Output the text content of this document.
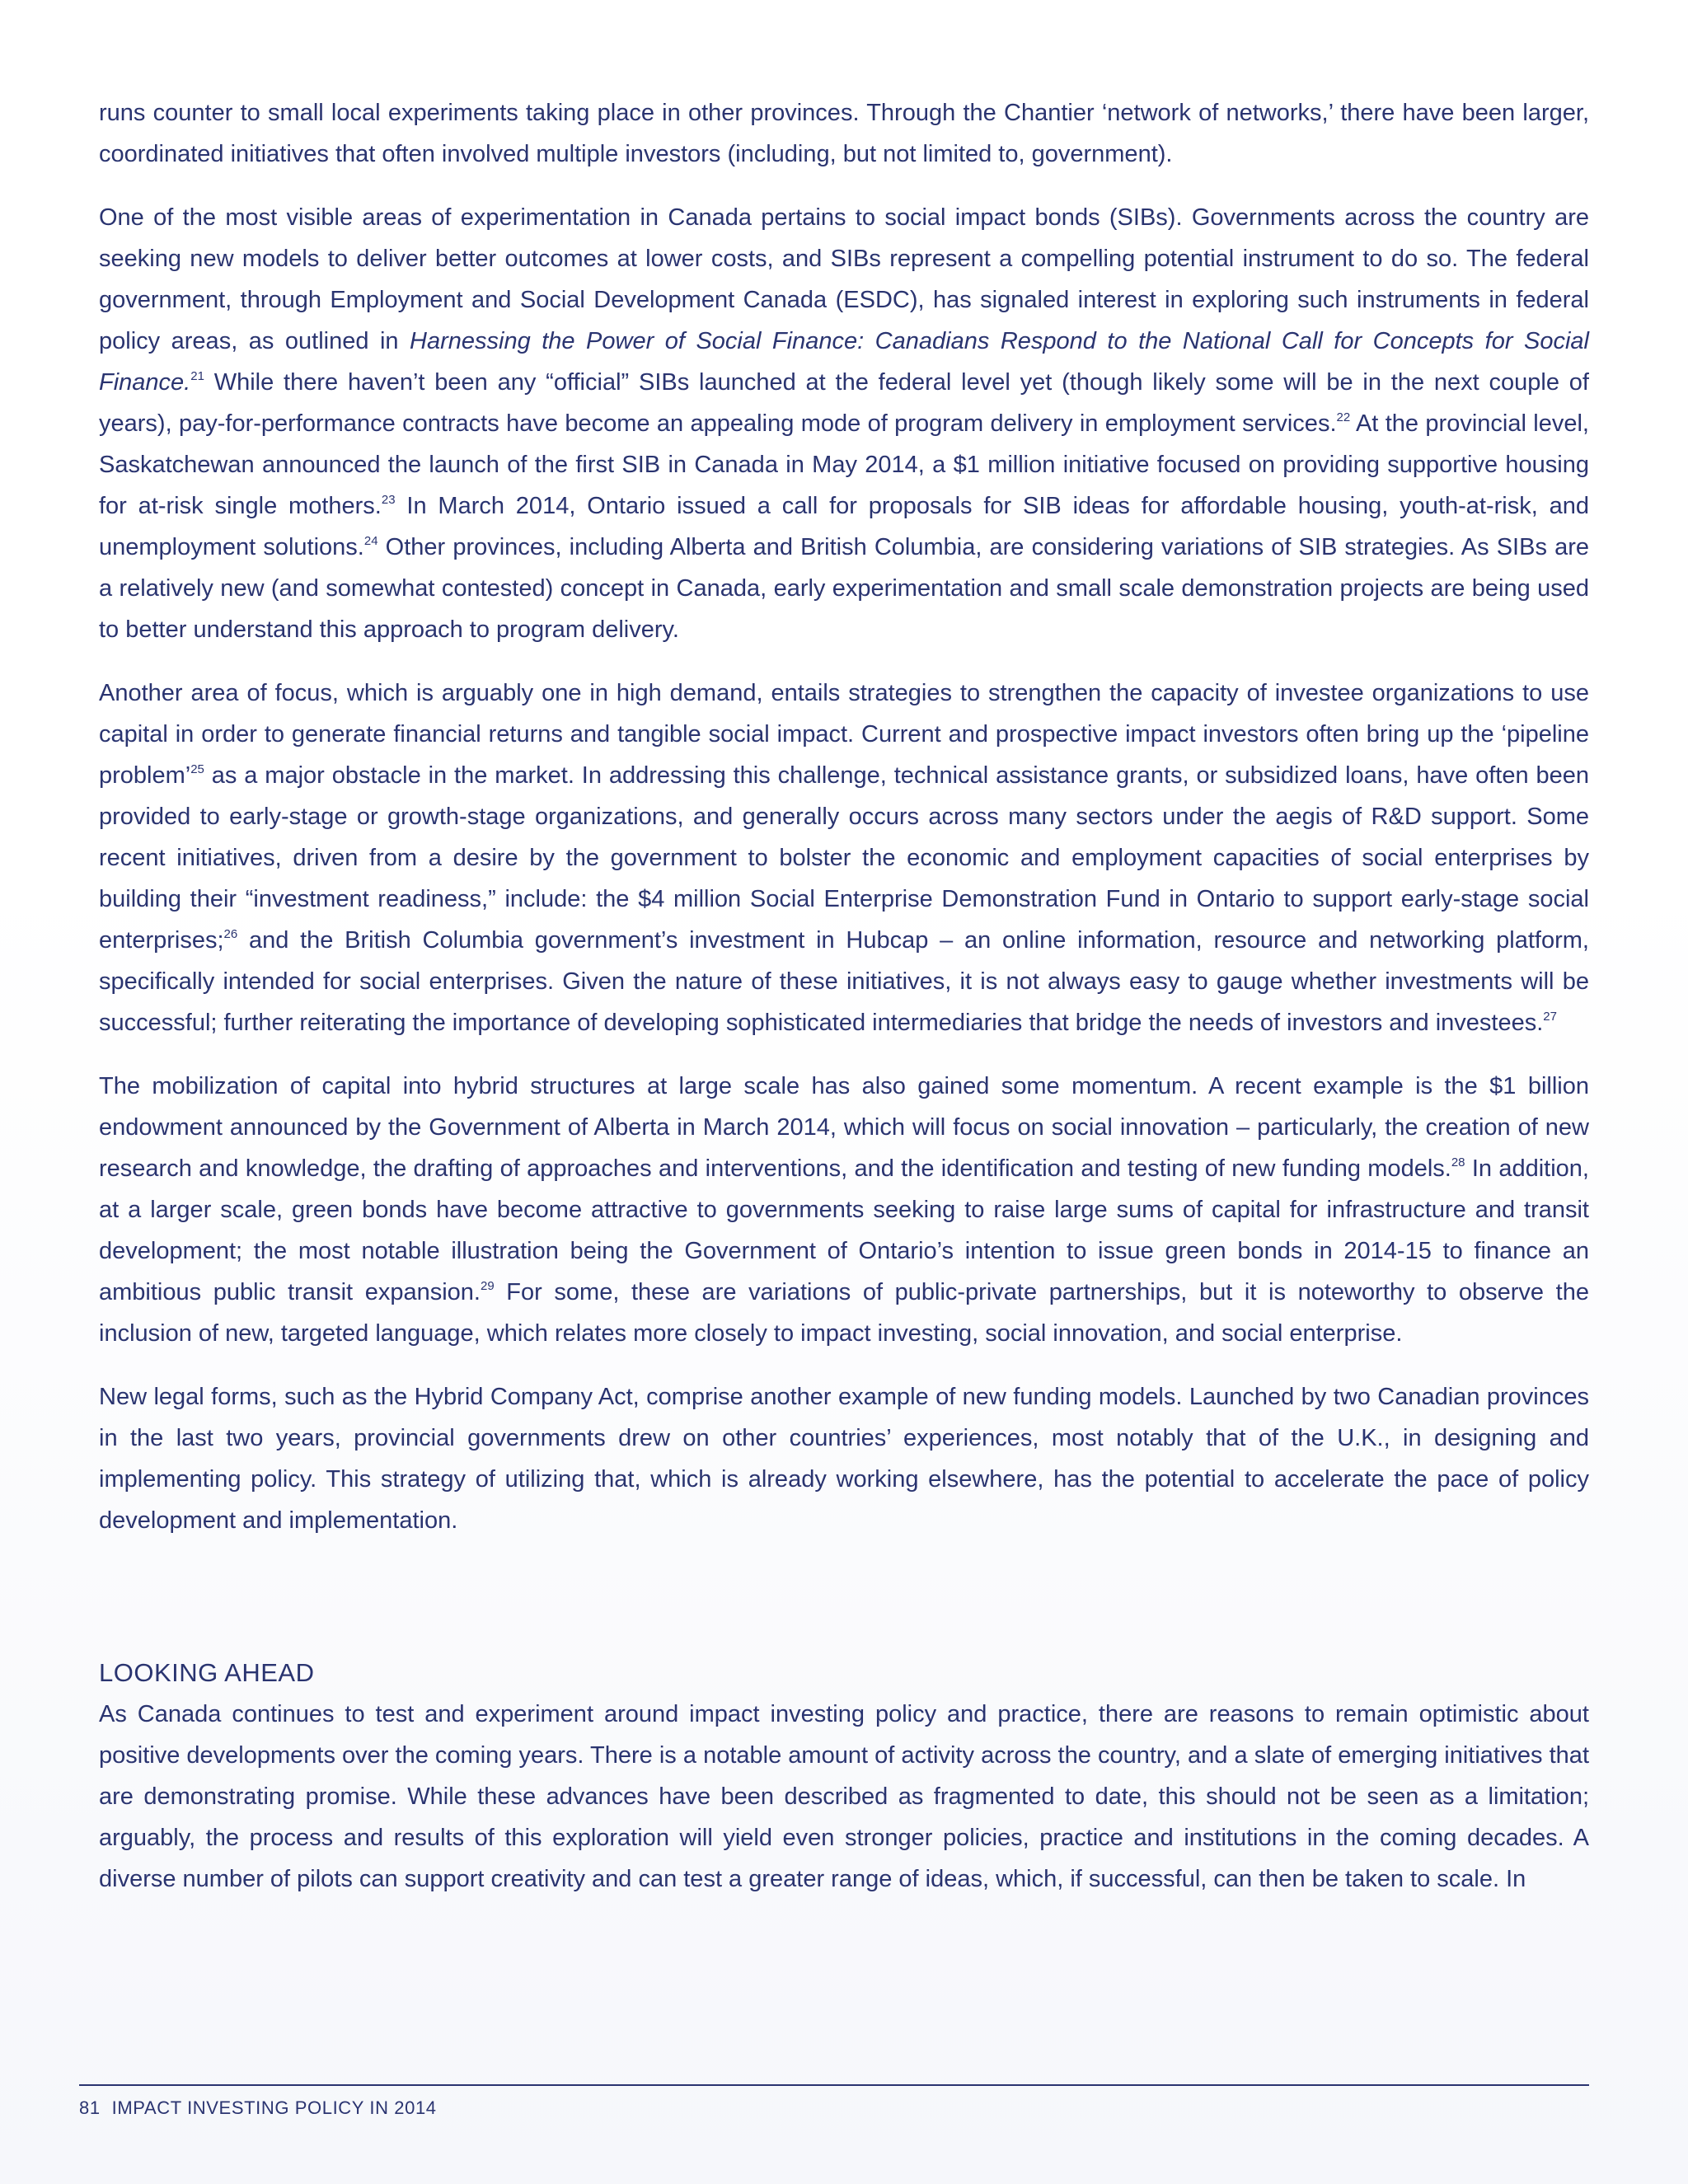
runs counter to small local experiments taking place in other provinces. Through the Chantier ‘network of networks,’ there have been larger, coordinated initiatives that often involved multiple investors (including, but not limited to, government).

One of the most visible areas of experimentation in Canada pertains to social impact bonds (SIBs). Governments across the country are seeking new models to deliver better outcomes at lower costs, and SIBs represent a compelling potential instrument to do so. The federal government, through Employment and Social Development Canada (ESDC), has signaled interest in exploring such instruments in federal policy areas, as outlined in Harnessing the Power of Social Finance: Canadians Respond to the National Call for Concepts for Social Finance.$^{21}$ While there haven’t been any “official” SIBs launched at the federal level yet (though likely some will be in the next couple of years), pay-for-performance contracts have become an appealing mode of program delivery in employment services.$^{22}$ At the provincial level, Saskatchewan announced the launch of the first SIB in Canada in May 2014, a $1 million initiative focused on providing supportive housing for at-risk single mothers.$^{23}$ In March 2014, Ontario issued a call for proposals for SIB ideas for affordable housing, youth-at-risk, and unemployment solutions.$^{24}$ Other provinces, including Alberta and British Columbia, are considering variations of SIB strategies. As SIBs are a relatively new (and somewhat contested) concept in Canada, early experimentation and small scale demonstration projects are being used to better understand this approach to program delivery.

Another area of focus, which is arguably one in high demand, entails strategies to strengthen the capacity of investee organizations to use capital in order to generate financial returns and tangible social impact. Current and prospective impact investors often bring up the ‘pipeline problem’$^{25}$ as a major obstacle in the market. In addressing this challenge, technical assistance grants, or subsidized loans, have often been provided to early-stage or growth-stage organizations, and generally occurs across many sectors under the aegis of R&D support. Some recent initiatives, driven from a desire by the government to bolster the economic and employment capacities of social enterprises by building their “investment readiness,” include: the $4 million Social Enterprise Demonstration Fund in Ontario to support early-stage social enterprises;$^{26}$ and the British Columbia government’s investment in Hubcap – an online information, resource and networking platform, specifically intended for social enterprises. Given the nature of these initiatives, it is not always easy to gauge whether investments will be successful; further reiterating the importance of developing sophisticated intermediaries that bridge the needs of investors and investees.$^{27}$

The mobilization of capital into hybrid structures at large scale has also gained some momentum. A recent example is the $1 billion endowment announced by the Government of Alberta in March 2014, which will focus on social innovation – particularly, the creation of new research and knowledge, the drafting of approaches and interventions, and the identification and testing of new funding models.$^{28}$ In addition, at a larger scale, green bonds have become attractive to governments seeking to raise large sums of capital for infrastructure and transit development; the most notable illustration being the Government of Ontario’s intention to issue green bonds in 2014-15 to finance an ambitious public transit expansion.$^{29}$ For some, these are variations of public-private partnerships, but it is noteworthy to observe the inclusion of new, targeted language, which relates more closely to impact investing, social innovation, and social enterprise.

New legal forms, such as the Hybrid Company Act, comprise another example of new funding models. Launched by two Canadian provinces in the last two years, provincial governments drew on other countries’ experiences, most notably that of the U.K., in designing and implementing policy. This strategy of utilizing that, which is already working elsewhere, has the potential to accelerate the pace of policy development and implementation.

LOOKING AHEAD

As Canada continues to test and experiment around impact investing policy and practice, there are reasons to remain optimistic about positive developments over the coming years. There is a notable amount of activity across the country, and a slate of emerging initiatives that are demonstrating promise. While these advances have been described as fragmented to date, this should not be seen as a limitation; arguably, the process and results of this exploration will yield even stronger policies, practice and institutions in the coming decades. A diverse number of pilots can support creativity and can test a greater range of ideas, which, if successful, can then be taken to scale. In

81 IMPACT INVESTING POLICY IN 2014
